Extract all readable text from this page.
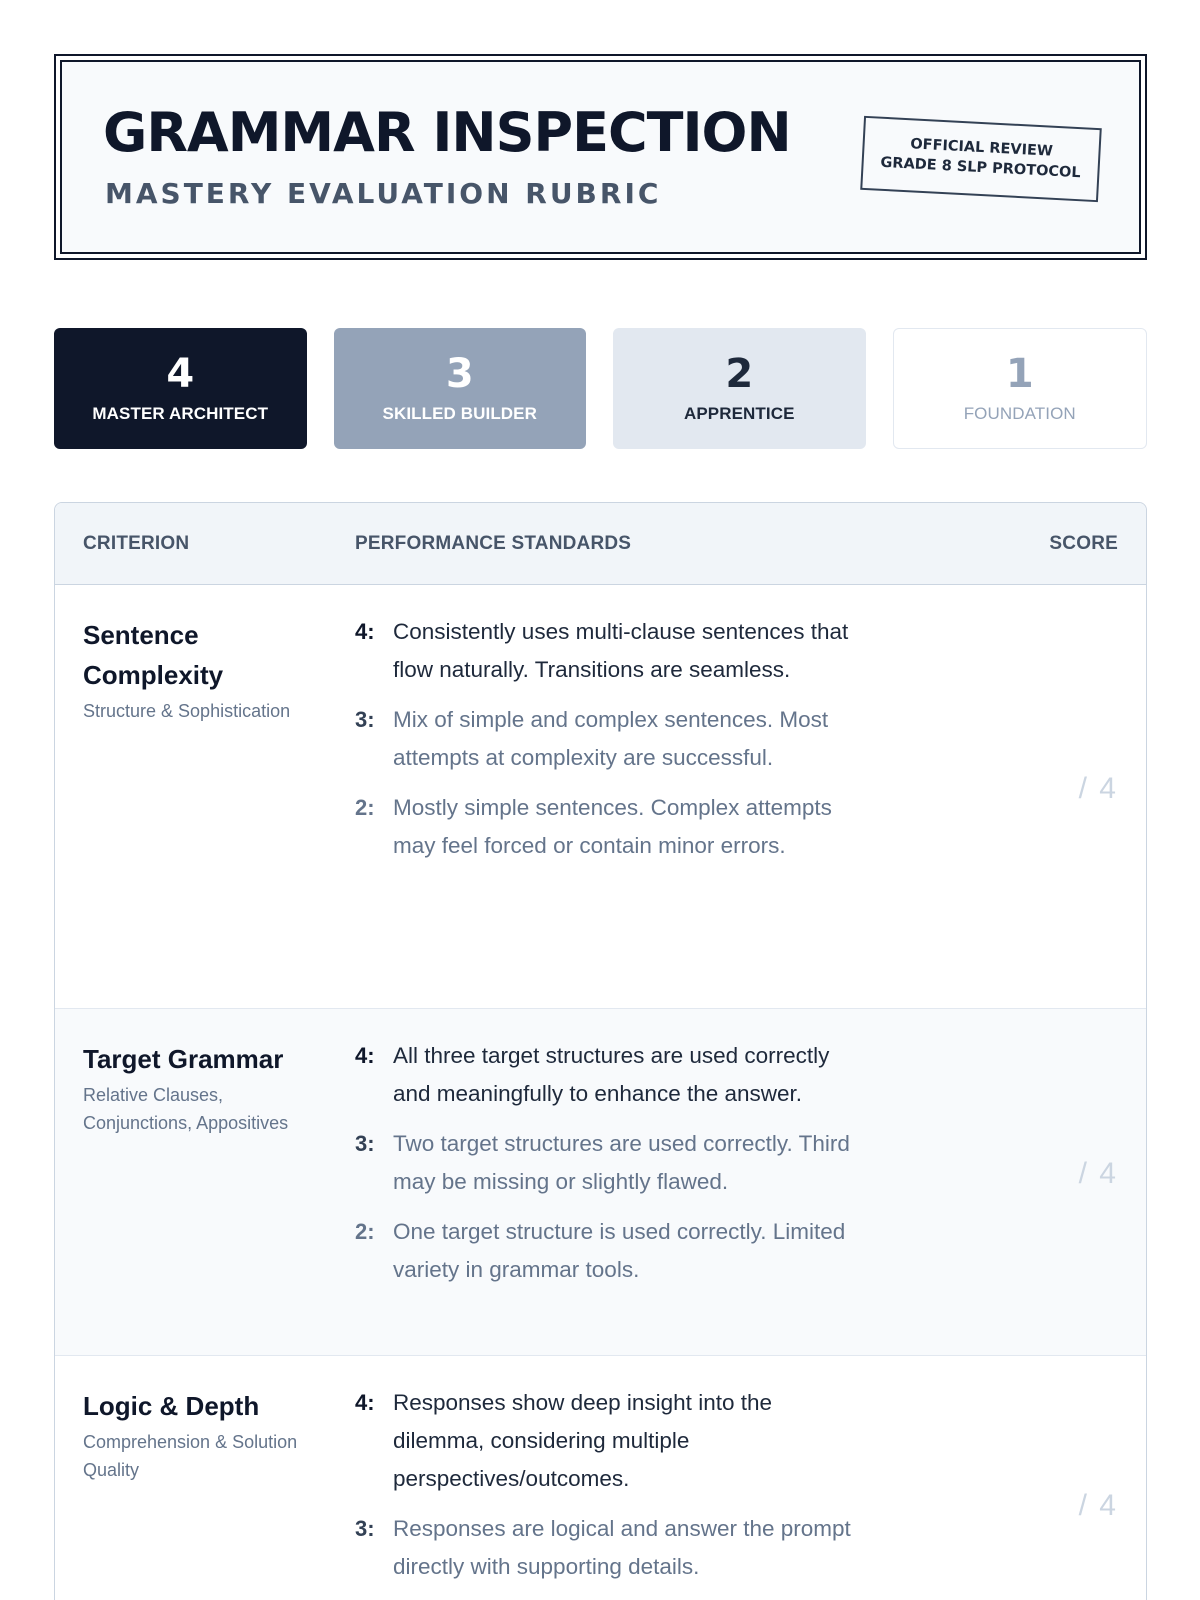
GRAMMAR INSPECTION
MASTERY EVALUATION RUBRIC
OFFICIAL REVIEW
GRADE 8 SLP PROTOCOL
4
MASTER ARCHITECT
3
SKILLED BUILDER
2
APPRENTICE
1
FOUNDATION
CRITERION	PERFORMANCE STANDARDS	SCORE
Sentence Complexity
Structure & Sophistication
4: Consistently uses multi-clause sentences that flow naturally. Transitions are seamless.
3: Mix of simple and complex sentences. Most attempts at complexity are successful.
2: Mostly simple sentences. Complex attempts may feel forced or contain minor errors.
/ 4
Target Grammar
Relative Clauses, Conjunctions, Appositives
4: All three target structures are used correctly and meaningfully to enhance the answer.
3: Two target structures are used correctly. Third may be missing or slightly flawed.
2: One target structure is used correctly. Limited variety in grammar tools.
/ 4
Logic & Depth
Comprehension & Solution Quality
4: Responses show deep insight into the dilemma, considering multiple perspectives/outcomes.
3: Responses are logical and answer the prompt directly with supporting details.
/ 4
